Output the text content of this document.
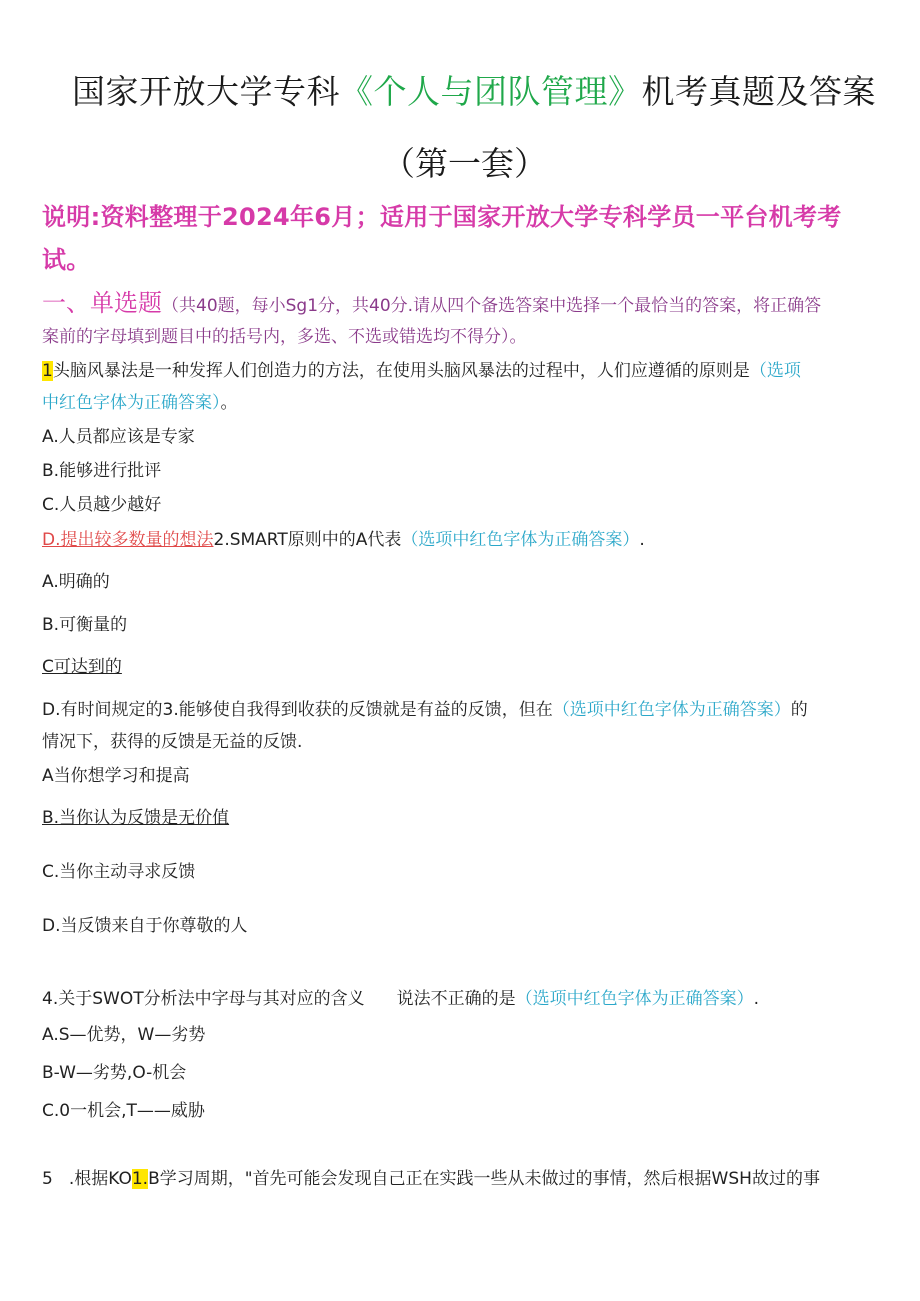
国家开放大学专科《个人与团队管理》机考真题及答案
（第一套）
说明:资料整理于2024年6月；适用于国家开放大学专科学员一平台机考考
试。
一、单选题（共40题，每小Sg1分，共40分.请从四个备选答案中选择一个最恰当的答案，将正确答
案前的字母填到题目中的括号内，多选、不选或错选均不得分）。
1头脑风暴法是一种发挥人们创造力的方法，在使用头脑风暴法的过程中，人们应遵循的原则是（选项
中红色字体为正确答案）。
A.人员都应该是专家
B.能够进行批评
C.人员越少越好
D.提出较多数量的想法2.SMART原则中的A代表（选项中红色字体为正确答案）.
A.明确的
B.可衡量的
C可达到的
D.有时间规定的3.能够使自我得到收获的反馈就是有益的反馈，但在（选项中红色字体为正确答案）的
情况下，获得的反馈是无益的反馈.
A当你想学习和提高
B.当你认为反馈是无价值
C.当你主动寻求反馈
D.当反馈来自于你尊敬的人
4.关于SWOT分析法中字母与其对应的含义 说法不正确的是（选项中红色字体为正确答案）.
A.S—优势，W—劣势
B-W—劣势,O-机会
C.0一机会,T——威胁
5 .根据KO1.B学习周期，"首先可能会发现自己正在实践一些从未做过的事情，然后根据WSH故过的事
